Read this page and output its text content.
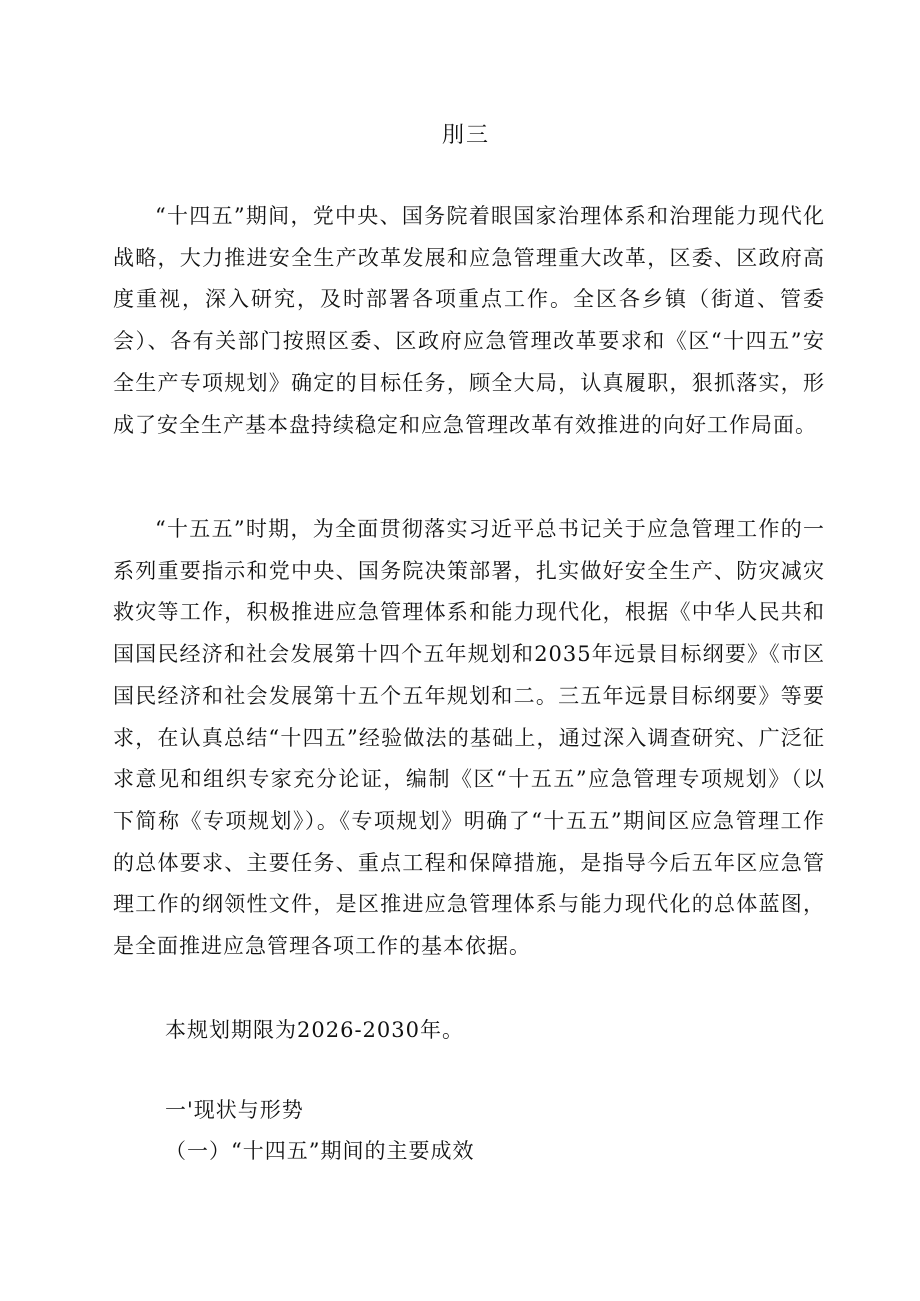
刖三
“十四五”期间，党中央、国务院着眼国家治理体系和治理能力现代化战略，大力推进安全生产改革发展和应急管理重大改革，区委、区政府高度重视，深入研究，及时部署各项重点工作。全区各乡镇（街道、管委会）、各有关部门按照区委、区政府应急管理改革要求和《区“十四五”安全生产专项规划》确定的目标任务，顾全大局，认真履职，狠抓落实，形成了安全生产基本盘持续稳定和应急管理改革有效推进的向好工作局面。
“十五五”时期，为全面贯彻落实习近平总书记关于应急管理工作的一系列重要指示和党中央、国务院决策部署，扎实做好安全生产、防灾减灾救灾等工作，积极推进应急管理体系和能力现代化，根据《中华人民共和国国民经济和社会发展第十四个五年规划和2035年远景目标纲要》《市区国民经济和社会发展第十五个五年规划和二。三五年远景目标纲要》等要求，在认真总结“十四五”经验做法的基础上，通过深入调查研究、广泛征求意见和组织专家充分论证，编制《区“十五五”应急管理专项规划》（以下简称《专项规划》）。《专项规划》明确了“十五五”期间区应急管理工作的总体要求、主要任务、重点工程和保障措施，是指导今后五年区应急管理工作的纲领性文件，是区推进应急管理体系与能力现代化的总体蓝图，是全面推进应急管理各项工作的基本依据。
本规划期限为2026-2030年。
一'现状与形势
（一）“十四五”期间的主要成效
